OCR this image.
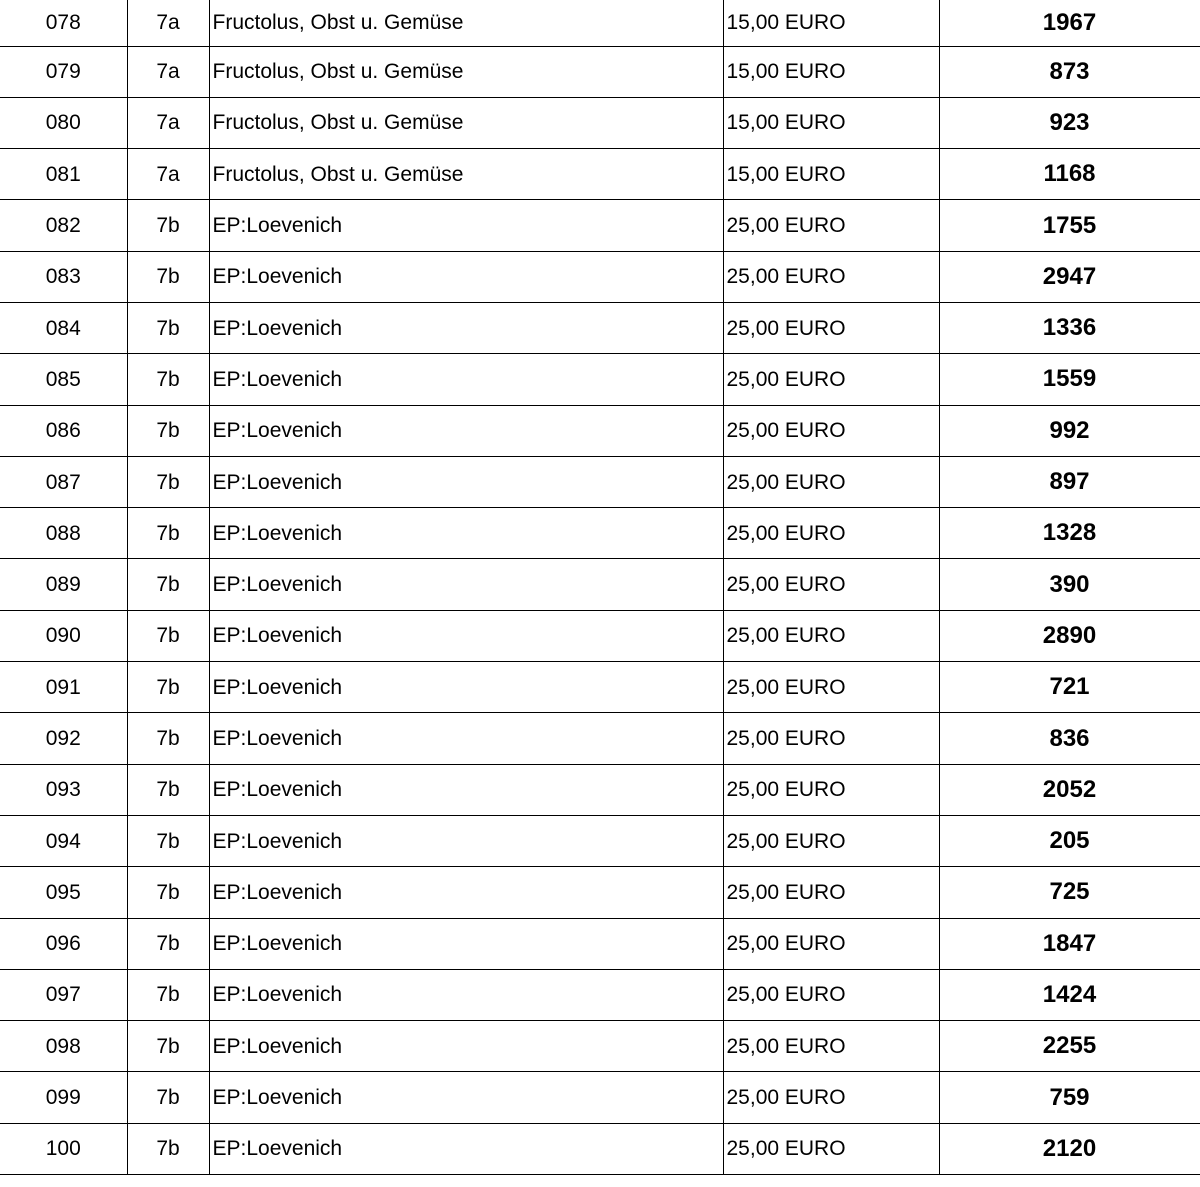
078	7a	Fructolus, Obst u. Gemüse	15,00 EURO	1967
079	7a	Fructolus, Obst u. Gemüse	15,00 EURO	873
080	7a	Fructolus, Obst u. Gemüse	15,00 EURO	923
081	7a	Fructolus, Obst u. Gemüse	15,00 EURO	1168
082	7b	EP:Loevenich	25,00 EURO	1755
083	7b	EP:Loevenich	25,00 EURO	2947
084	7b	EP:Loevenich	25,00 EURO	1336
085	7b	EP:Loevenich	25,00 EURO	1559
086	7b	EP:Loevenich	25,00 EURO	992
087	7b	EP:Loevenich	25,00 EURO	897
088	7b	EP:Loevenich	25,00 EURO	1328
089	7b	EP:Loevenich	25,00 EURO	390
090	7b	EP:Loevenich	25,00 EURO	2890
091	7b	EP:Loevenich	25,00 EURO	721
092	7b	EP:Loevenich	25,00 EURO	836
093	7b	EP:Loevenich	25,00 EURO	2052
094	7b	EP:Loevenich	25,00 EURO	205
095	7b	EP:Loevenich	25,00 EURO	725
096	7b	EP:Loevenich	25,00 EURO	1847
097	7b	EP:Loevenich	25,00 EURO	1424
098	7b	EP:Loevenich	25,00 EURO	2255
099	7b	EP:Loevenich	25,00 EURO	759
100	7b	EP:Loevenich	25,00 EURO	2120
